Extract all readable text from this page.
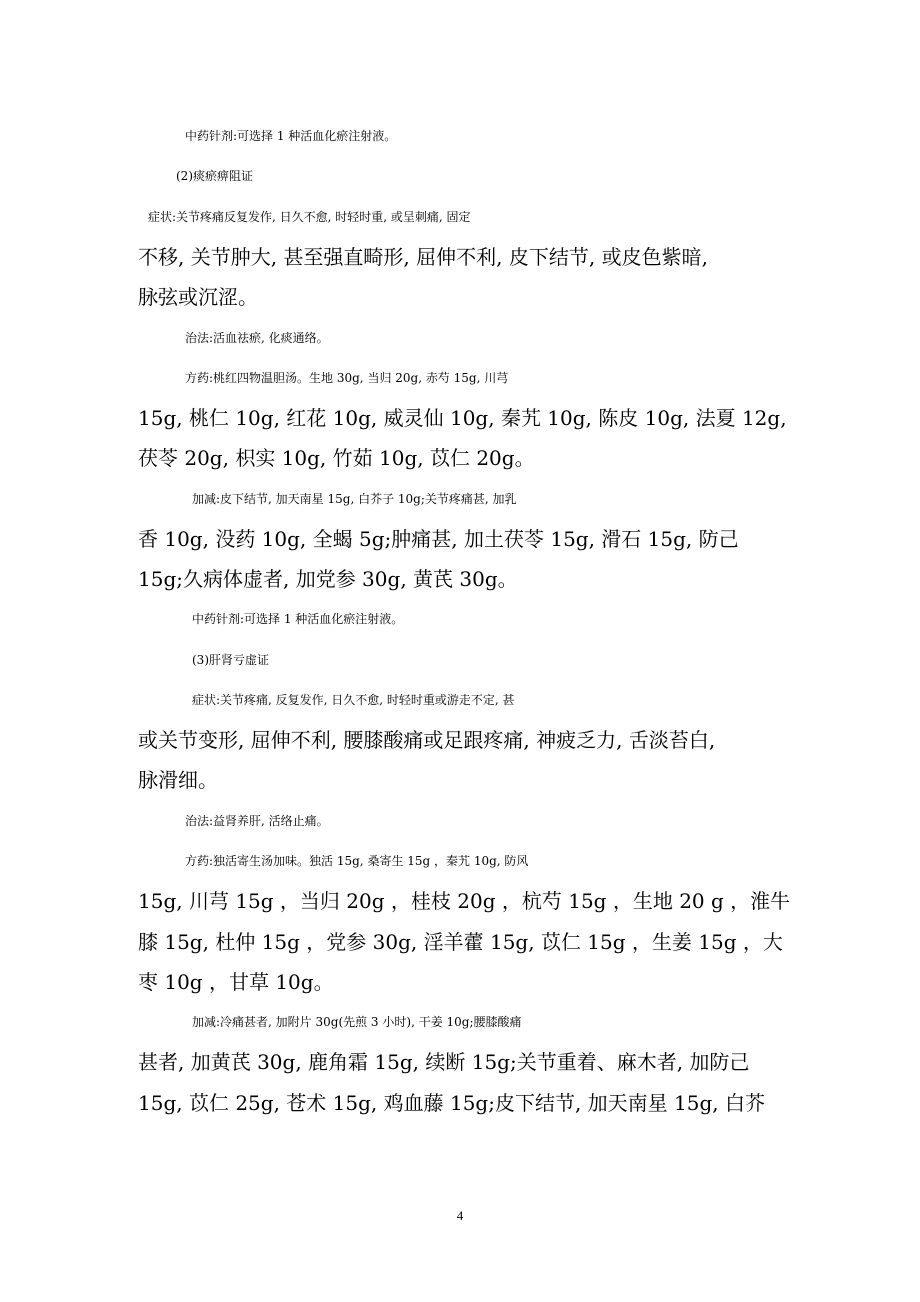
中药针剂:可选择 1 种活血化瘀注射液。
(2)痰瘀痹阻证
症状:关节疼痛反复发作, 日久不愈, 时轻时重, 或呈刺痛, 固定
不移, 关节肿大, 甚至强直畸形, 屈伸不利, 皮下结节, 或皮色紫暗,
脉弦或沉涩。
治法:活血祛瘀, 化痰通络。
方药:桃红四物温胆汤。生地 30g, 当归 20g, 赤芍 15g, 川芎
15g, 桃仁 10g, 红花 10g, 威灵仙 10g, 秦艽 10g, 陈皮 10g, 法夏 12g,
茯苓 20g, 枳实 10g, 竹茹 10g, 苡仁 20g。
加减:皮下结节, 加天南星 15g, 白芥子 10g;关节疼痛甚, 加乳
香 10g, 没药 10g, 全蝎 5g;肿痛甚, 加土茯苓 15g, 滑石 15g, 防己
15g;久病体虚者, 加党参 30g, 黄芪 30g。
中药针剂:可选择 1 种活血化瘀注射液。
(3)肝肾亏虚证
症状:关节疼痛, 反复发作, 日久不愈, 时轻时重或游走不定, 甚
或关节变形, 屈伸不利, 腰膝酸痛或足跟疼痛, 神疲乏力, 舌淡苔白,
脉滑细。
治法:益肾养肝, 活络止痛。
方药:独活寄生汤加味。独活 15g, 桑寄生 15g ，秦艽 10g, 防风
15g, 川芎 15g ，当归 20g ，桂枝 20g ，杭芍 15g ，生地 20 g ，淮牛
膝 15g, 杜仲 15g ，党参 30g, 淫羊藿 15g, 苡仁 15g ，生姜 15g ，大
枣 10g ，甘草 10g。
加减:冷痛甚者, 加附片 30g(先煎 3 小时), 干姜 10g;腰膝酸痛
甚者, 加黄芪 30g, 鹿角霜 15g, 续断 15g;关节重着、麻木者, 加防己
15g, 苡仁 25g, 苍术 15g, 鸡血藤 15g;皮下结节, 加天南星 15g, 白芥
4
